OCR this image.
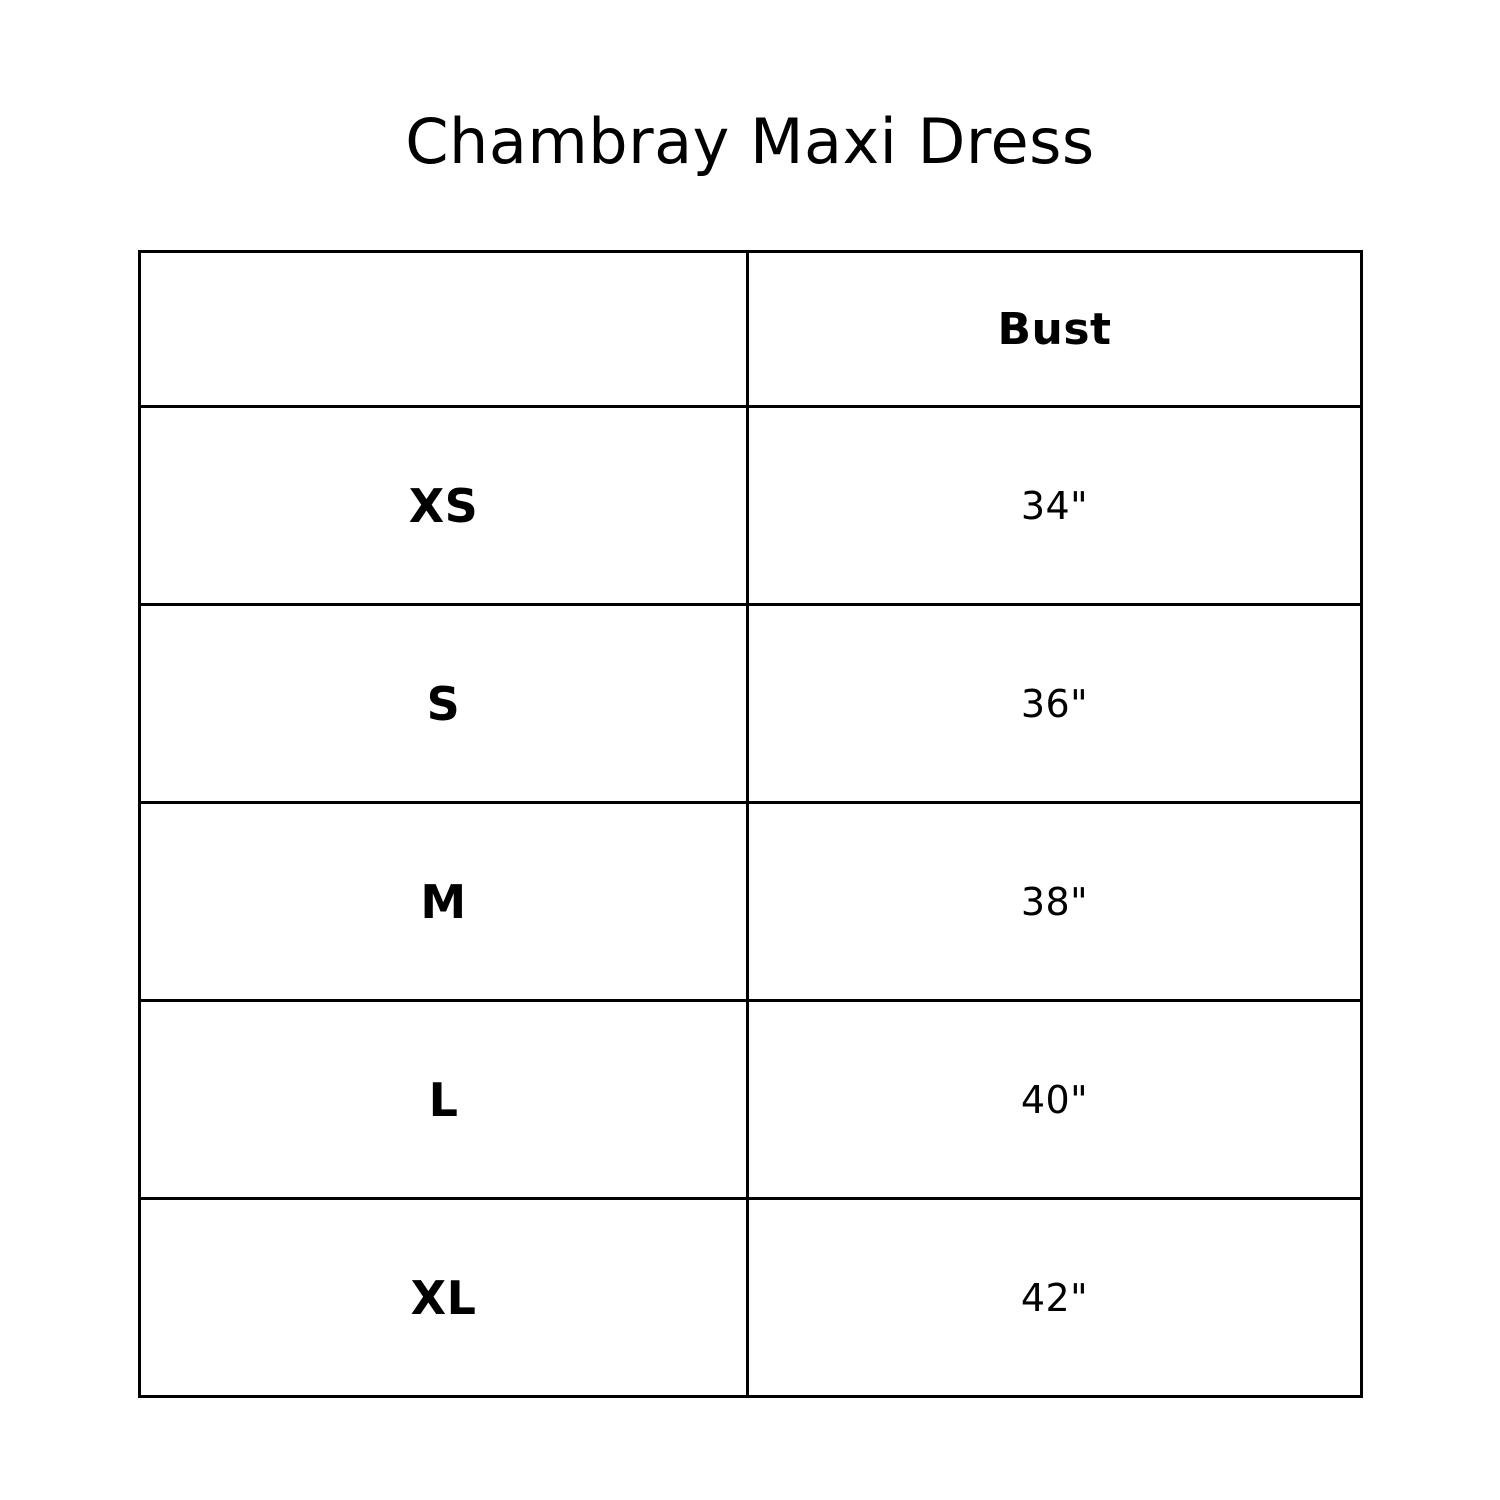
Chambray Maxi Dress
	Bust
XS	34"
S	36"
M	38"
L	40"
XL	42"
